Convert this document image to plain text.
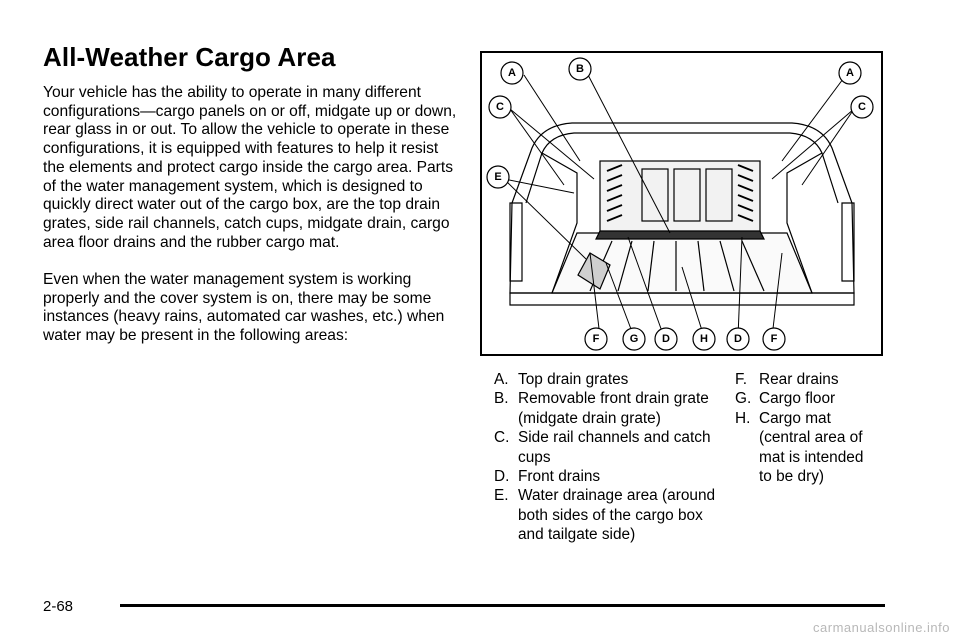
All-Weather Cargo Area

Your vehicle has the ability to operate in many different configurations—cargo panels on or off, midgate up or down, rear glass in or out. To allow the vehicle to operate in these configurations, it is equipped with features to help it resist the elements and protect cargo inside the cargo area. Parts of the water management system, which is designed to quickly direct water out of the cargo box, are the top drain grates, side rail channels, catch cups, midgate drain, cargo area floor drains and the rubber cargo mat.

Even when the water management system is working properly and the cover system is on, there may be some instances (heavy rains, automated car washes, etc.) when water may be present in the following areas:

A	B	A
C	C
E
F	G D	H D	F
A. Top drain grates
B. Removable front drain grate (midgate drain grate)
C. Side rail channels and catch cups
D. Front drains
E. Water drainage area (around both sides of the cargo box and tailgate side)
F. Rear drains
G. Cargo floor
H. Cargo mat (central area of mat is intended to be dry)
2-68
carmanualsonline.info
